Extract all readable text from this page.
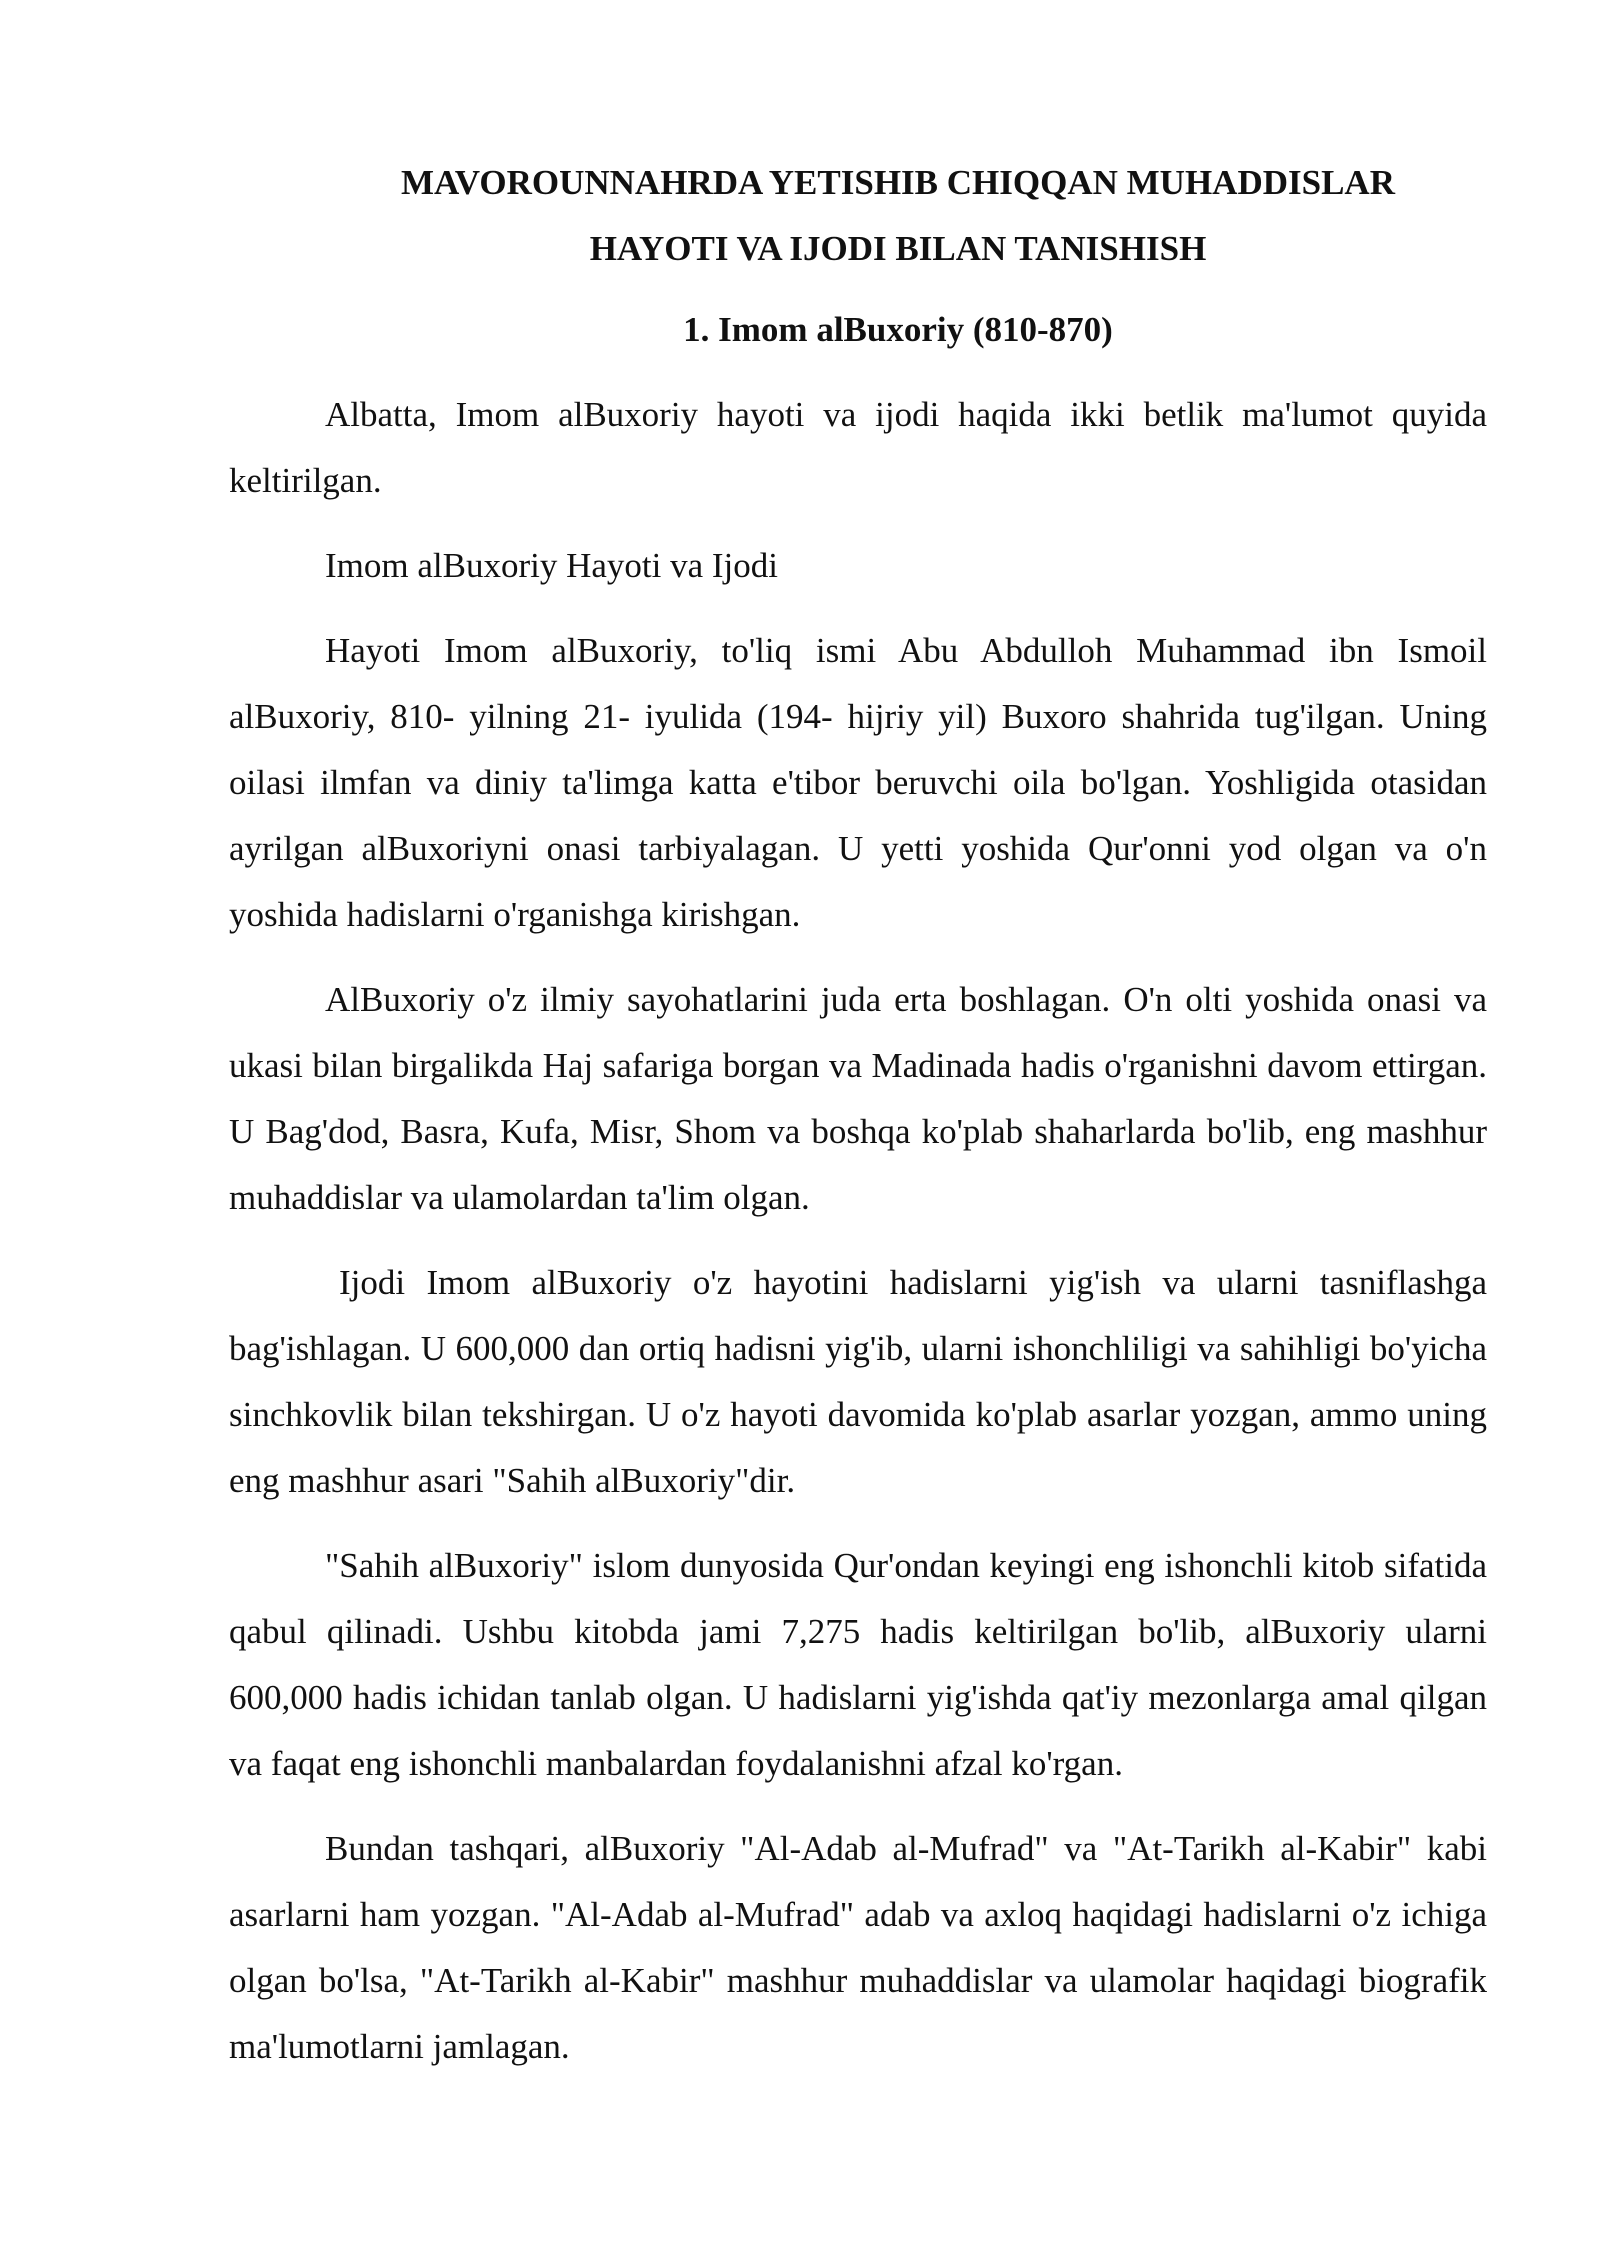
MAVOROUNNAHRDA YETISHIB CHIQQAN MUHADDISLAR
HAYOTI VA IJODI BILAN TANISHISH
1. Imom alBuxoriy (810-870)

Albatta, Imom alBuxoriy hayoti va ijodi haqida ikki betlik ma'lumot quyida keltirilgan.

Imom alBuxoriy Hayoti va Ijodi

Hayoti Imom alBuxoriy, to'liq ismi Abu Abdulloh Muhammad ibn Ismoil alBuxoriy, 810- yilning 21- iyulida (194- hijriy yil) Buxoro shahrida tug'ilgan. Uning oilasi ilmfan va diniy ta'limga katta e'tibor beruvchi oila bo'lgan. Yoshligida otasidan ayrilgan alBuxoriyni onasi tarbiyalagan. U yetti yoshida Qur'onni yod olgan va o'n yoshida hadislarni o'rganishga kirishgan.

AlBuxoriy o'z ilmiy sayohatlarini juda erta boshlagan. O'n olti yoshida onasi va ukasi bilan birgalikda Haj safariga borgan va Madinada hadis o'rganishni davom ettirgan. U Bag'dod, Basra, Kufa, Misr, Shom va boshqa ko'plab shaharlarda bo'lib, eng mashhur muhaddislar va ulamolardan ta'lim olgan.

Ijodi Imom alBuxoriy o'z hayotini hadislarni yig'ish va ularni tasniflashga bag'ishlagan. U 600,000 dan ortiq hadisni yig'ib, ularni ishonchliligi va sahihligi bo'yicha sinchkovlik bilan tekshirgan. U o'z hayoti davomida ko'plab asarlar yozgan, ammo uning eng mashhur asari "Sahih alBuxoriy"dir.

"Sahih alBuxoriy" islom dunyosida Qur'ondan keyingi eng ishonchli kitob sifatida qabul qilinadi. Ushbu kitobda jami 7,275 hadis keltirilgan bo'lib, alBuxoriy ularni 600,000 hadis ichidan tanlab olgan. U hadislarni yig'ishda qat'iy mezonlarga amal qilgan va faqat eng ishonchli manbalardan foydalanishni afzal ko'rgan.

Bundan tashqari, alBuxoriy "Al-Adab al-Mufrad" va "At-Tarikh al-Kabir" kabi asarlarni ham yozgan. "Al-Adab al-Mufrad" adab va axloq haqidagi hadislarni o'z ichiga olgan bo'lsa, "At-Tarikh al-Kabir" mashhur muhaddislar va ulamolar haqidagi biografik ma'lumotlarni jamlagan.
